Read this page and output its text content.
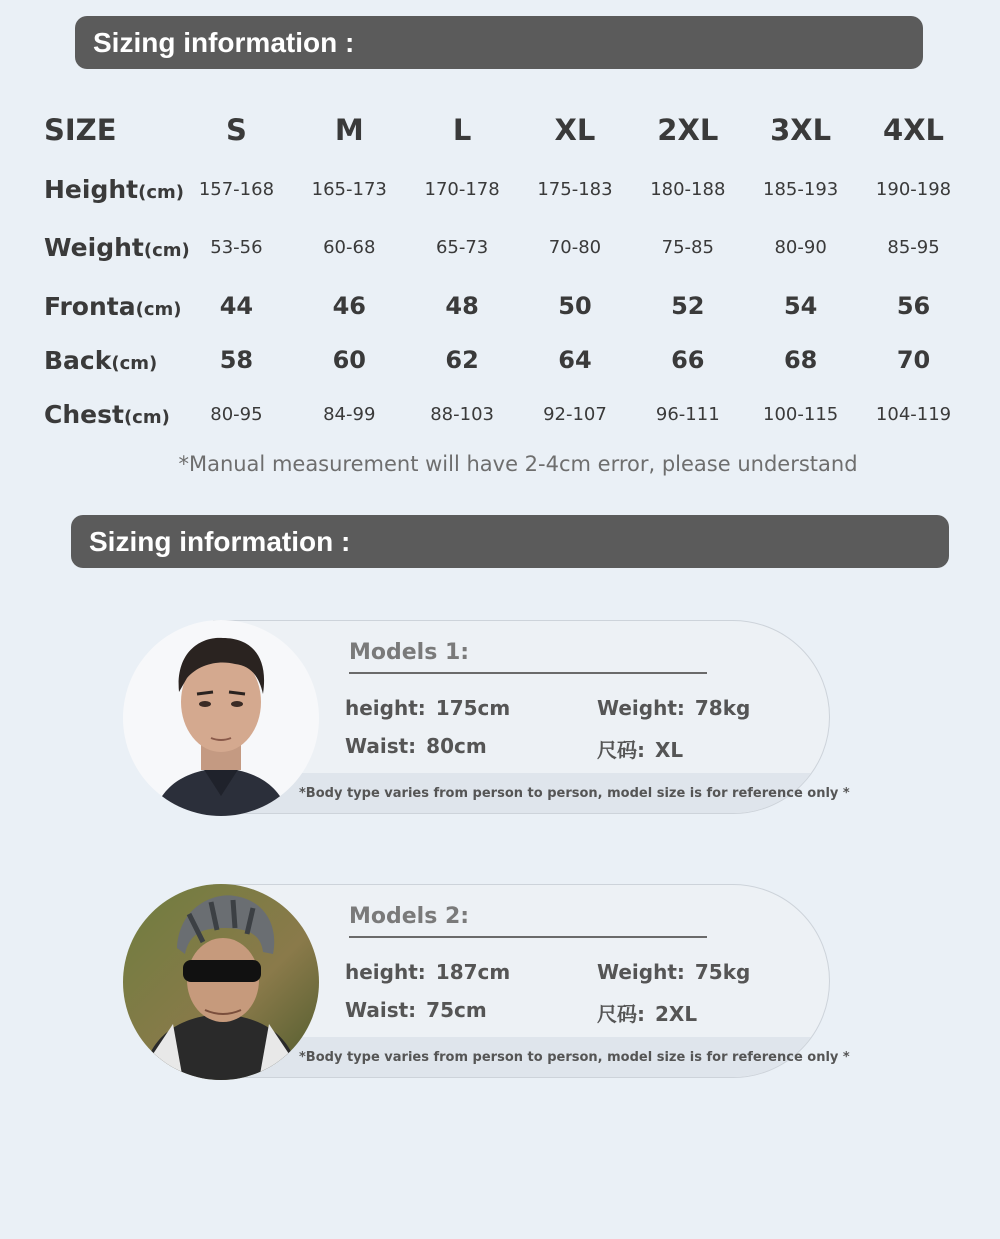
Sizing information :
SIZE	S	M	L	XL	2XL	3XL	4XL
Height(cm)	157-168	165-173	170-178	175-183	180-188	185-193	190-198
Weight(cm)	53-56	60-68	65-73	70-80	75-85	80-90	85-95
Fronta(cm)	44	46	48	50	52	54	56
Back(cm)	58	60	62	64	66	68	70
Chest(cm)	80-95	84-99	88-103	92-107	96-111	100-115	104-119
*Manual measurement will have 2-4cm error, please understand
Sizing information :
Models 1:
height: 175cm	Weight: 78kg
Waist: 80cm	尺码: XL
*Body type varies from person to person, model size is for reference only *
Models 2:
height: 187cm	Weight: 75kg
Waist: 75cm	尺码: 2XL
*Body type varies from person to person, model size is for reference only *
